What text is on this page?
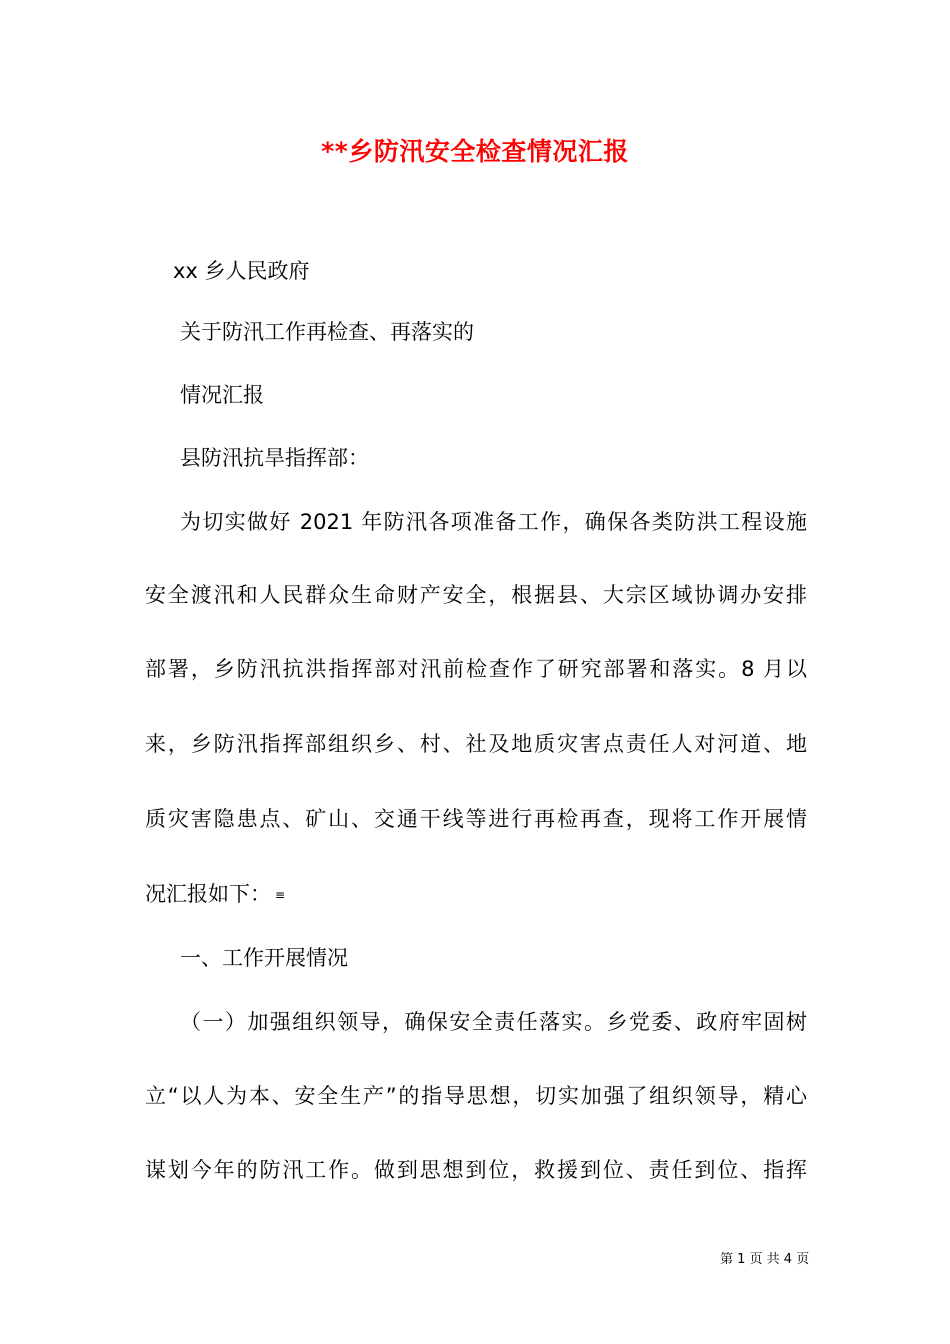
**乡防汛安全检查情况汇报
xx 乡人民政府
关于防汛工作再检查、再落实的
情况汇报
县防汛抗旱指挥部：
为切实做好 2021 年防汛各项准备工作，确保各类防洪工程设施
安全渡汛和人民群众生命财产安全，根据县、大宗区域协调办安排
部署，乡防汛抗洪指挥部对汛前检查作了研究部署和落实。8 月以
来，乡防汛指挥部组织乡、村、社及地质灾害点责任人对河道、地
质灾害隐患点、矿山、交通干线等进行再检再查，现将工作开展情
况汇报如下： ≡
一、工作开展情况
（一）加强组织领导，确保安全责任落实。乡党委、政府牢固树
立“以人为本、安全生产”的指导思想，切实加强了组织领导，精心
谋划今年的防汛工作。做到思想到位，救援到位、责任到位、指挥
第 1 页 共 4 页
